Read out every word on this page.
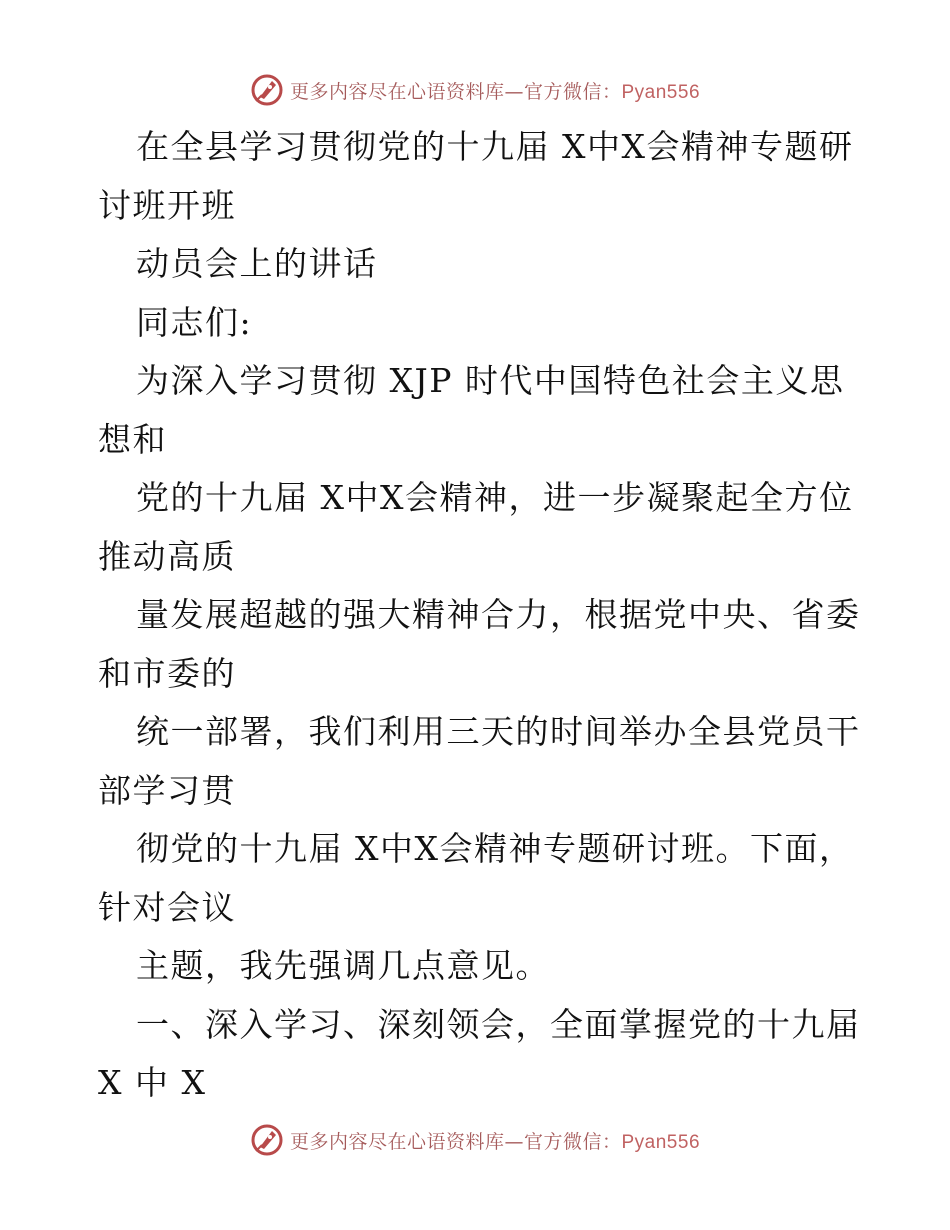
更多内容尽在心语资料库—官方微信：Pyan556
在全县学习贯彻党的十九届 X中X会精神专题研
讨班开班
动员会上的讲话
同志们:
为深入学习贯彻 XJP 时代中国特色社会主义思
想和
党的十九届 X中X会精神，进一步凝聚起全方位
推动高质
量发展超越的强大精神合力，根据党中央、省委
和市委的
统一部署，我们利用三天的时间举办全县党员干
部学习贯
彻党的十九届 X中X会精神专题研讨班。下面，
针对会议
主题，我先强调几点意见。
一、深入学习、深刻领会，全面掌握党的十九届
X 中 X
更多内容尽在心语资料库—官方微信：Pyan556
